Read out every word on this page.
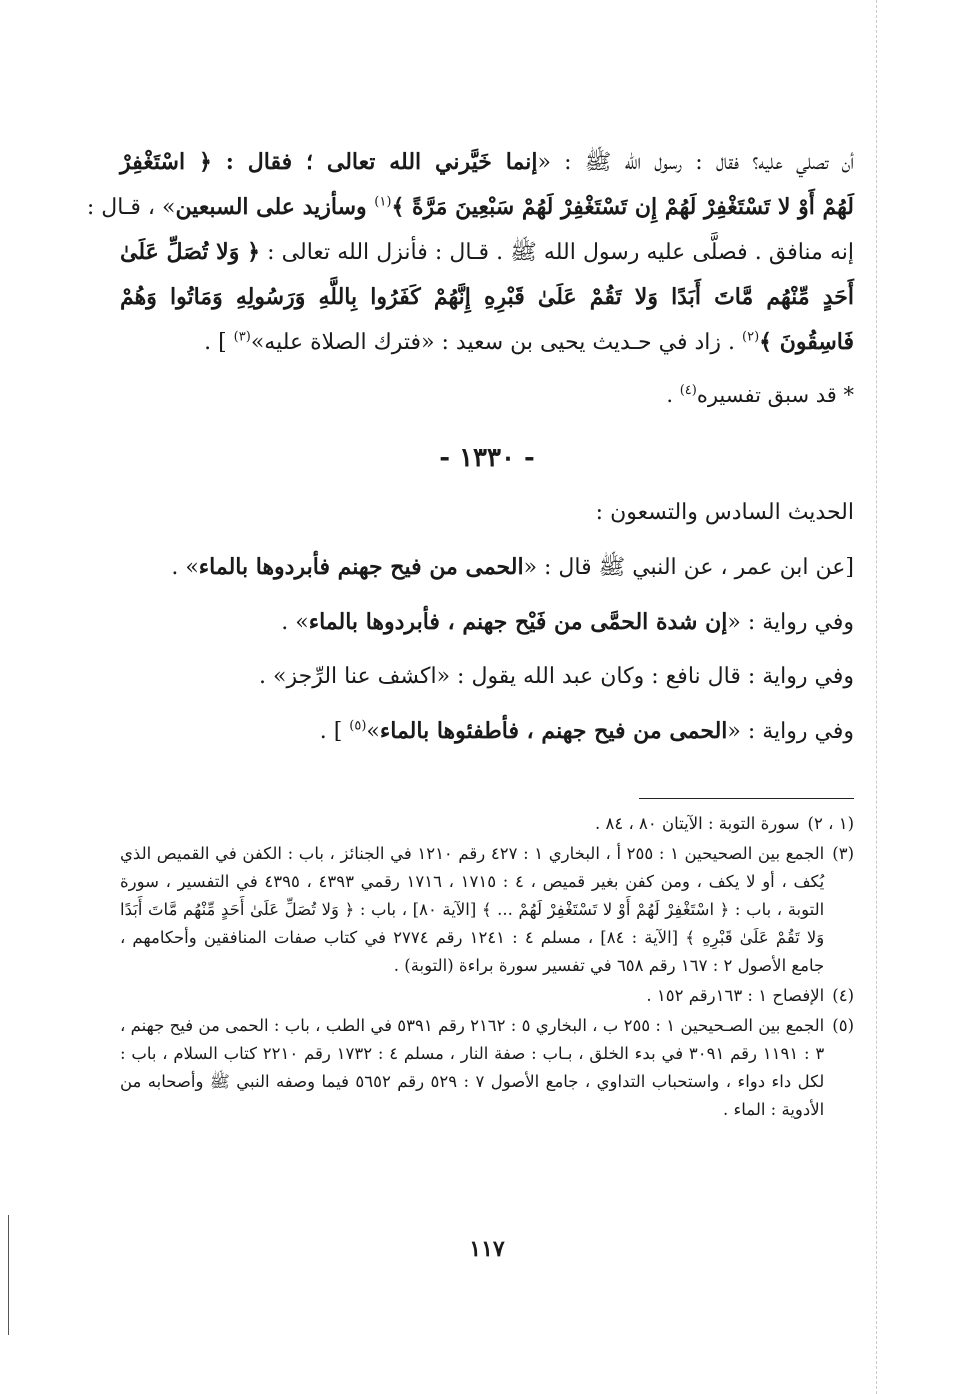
أن تصلي عليه؟ فقال : رسول الله ﷺ : «إنما خَيَّرني الله تعالى ؛ فقال : ﴿ اسْتَغْفِرْ

لَهُمْ أَوْ لا تَسْتَغْفِرْ لَهُمْ إِن تَسْتَغْفِرْ لَهُمْ سَبْعِينَ مَرَّةً ﴾$^{(١)}$ وسأزيد على السبعين» ، قـال :

إنه منافق . فصلَّى عليه رسول الله ﷺ . قـال : فأنزل الله تعالى : ﴿ وَلا تُصَلِّ عَلَىٰ

أَحَدٍ مِّنْهُم مَّاتَ أَبَدًا وَلا تَقُمْ عَلَىٰ قَبْرِهِ إِنَّهُمْ كَفَرُوا بِاللَّهِ وَرَسُولِهِ وَمَاتُوا وَهُمْ

فَاسِقُونَ ﴾$^{(٢)}$ . زاد في حـديث يحيى بن سعيد : «فترك الصلاة عليه»$^{(٣)}$ ] .

* قد سبق تفسيره$^{(٤)}$ .

- ١٣٣٠ -

الحديث السادس والتسعون :

[عن ابن عمر ، عن النبي ﷺ قال : «الحمى من فيح جهنم فأبردوها بالماء» .

وفي رواية : «إن شدة الحمَّى من فَيْح جهنم ، فأبردوها بالماء» .

وفي رواية : قال نافع : وكان عبد الله يقول : «اكشف عنا الرِّجز» .

وفي رواية : «الحمى من فيح جهنم ، فأطفئوها بالماء»$^{(٥)}$ ] .

(١ ، ٢)
سورة التوبة : الآيتان ٨٠ ، ٨٤ .
(٣)
الجمع بين الصحيحين ١ : ٢٥٥ أ ، البخاري ١ : ٤٢٧ رقم ١٢١٠ في الجنائز ، باب : الكفن في القميص الذي يُكف ، أو لا يكف ، ومن كفن بغير قميص ، ٤ : ١٧١٥ ، ١٧١٦ رقمي ٤٣٩٣ ، ٤٣٩٥ في التفسير ، سورة التوبة ، باب : ﴿ اسْتَغْفِرْ لَهُمْ أَوْ لا تَسْتَغْفِرْ لَهُمْ ... ﴾ [الآية ٨٠] ، باب : ﴿ وَلا تُصَلِّ عَلَىٰ أَحَدٍ مِّنْهُم مَّاتَ أَبَدًا وَلا تَقُمْ عَلَىٰ قَبْرِهِ ﴾ [الآية : ٨٤] ، مسلم ٤ : ١٢٤١ رقم ٢٧٧٤ في كتاب صفات المنافقين وأحكامهم ، جامع الأصول ٢ : ١٦٧ رقم ٦٥٨ في تفسير سورة براءة (التوبة) .
(٤)
الإفصاح ١ : ١٦٣رقم ١٥٢ .
(٥)
الجمع بين الصـحيحين ١ : ٢٥٥ ب ، البخاري ٥ : ٢١٦٢ رقم ٥٣٩١ في الطب ، باب : الحمى من فيح جهنم ، ٣ : ١١٩١ رقم ٣٠٩١ في بدء الخلق ، بـاب : صفة النار ، مسلم ٤ : ١٧٣٢ رقم ٢٢١٠ كتاب السلام ، باب : لكل داء دواء ، واستحباب التداوي ، جامع الأصول ٧ : ٥٢٩ رقم ٥٦٥٢ فيما وصفه النبي ﷺ وأصحابه من الأدوية : الماء .
١١٧
